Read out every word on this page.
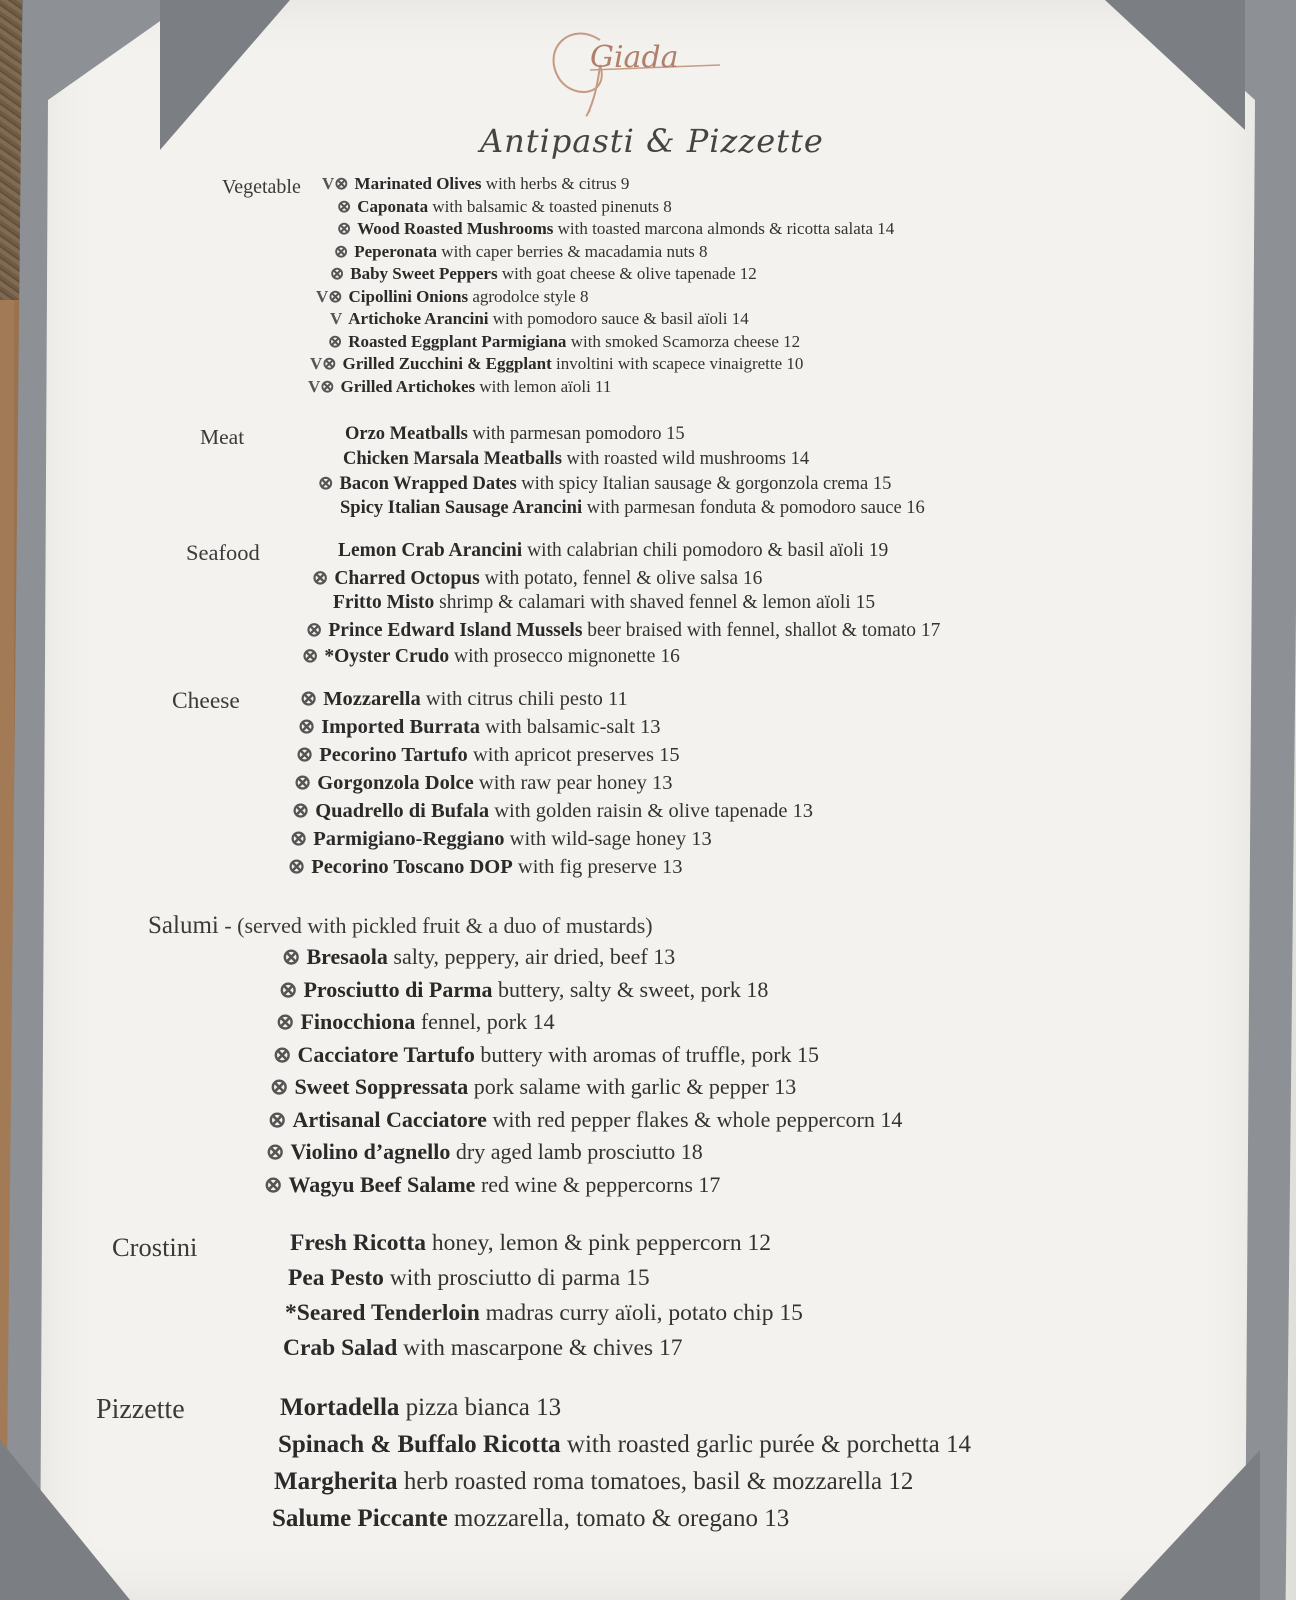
Giada
Antipasti & Pizzette
Vegetable V⊗ Marinated Olives with herbs & citrus 9
⊗ Caponata with balsamic & toasted pinenuts 8
⊗ Wood Roasted Mushrooms with toasted marcona almonds & ricotta salata 14
⊗ Peperonata with caper berries & macadamia nuts 8
⊗ Baby Sweet Peppers with goat cheese & olive tapenade 12
V⊗ Cipollini Onions agrodolce style 8
V Artichoke Arancini with pomodoro sauce & basil aïoli 14
⊗ Roasted Eggplant Parmigiana with smoked Scamorza cheese 12
V⊗ Grilled Zucchini & Eggplant involtini with scapece vinaigrette 10
V⊗ Grilled Artichokes with lemon aïoli 11
Meat	Orzo Meatballs with parmesan pomodoro 15
Chicken Marsala Meatballs with roasted wild mushrooms 14
⊗ Bacon Wrapped Dates with spicy Italian sausage & gorgonzola crema 15
Spicy Italian Sausage Arancini with parmesan fonduta & pomodoro sauce 16
Seafood	Lemon Crab Arancini with calabrian chili pomodoro & basil aïoli 19
⊗ Charred Octopus with potato, fennel & olive salsa 16
Fritto Misto shrimp & calamari with shaved fennel & lemon aïoli 15
⊗ Prince Edward Island Mussels beer braised with fennel, shallot & tomato 17
⊗ *Oyster Crudo with prosecco mignonette 16
Cheese	⊗ Mozzarella with citrus chili pesto 11
⊗ Imported Burrata with balsamic-salt 13
⊗ Pecorino Tartufo with apricot preserves 15
⊗ Gorgonzola Dolce with raw pear honey 13
⊗ Quadrello di Bufala with golden raisin & olive tapenade 13
⊗ Parmigiano-Reggiano with wild-sage honey 13
⊗ Pecorino Toscano DOP with fig preserve 13
Salumi - (served with pickled fruit & a duo of mustards)
⊗ Bresaola salty, peppery, air dried, beef 13
⊗ Prosciutto di Parma buttery, salty & sweet, pork 18
⊗ Finocchiona fennel, pork 14
⊗ Cacciatore Tartufo buttery with aromas of truffle, pork 15
⊗ Sweet Soppressata pork salame with garlic & pepper 13
⊗ Artisanal Cacciatore with red pepper flakes & whole peppercorn 14
⊗ Violino d’agnello dry aged lamb prosciutto 18
⊗ Wagyu Beef Salame red wine & peppercorns 17
Crostini	Fresh Ricotta honey, lemon & pink peppercorn 12
Pea Pesto with prosciutto di parma 15
*Seared Tenderloin madras curry aïoli, potato chip 15
Crab Salad with mascarpone & chives 17
Pizzette	Mortadella pizza bianca 13
Spinach & Buffalo Ricotta with roasted garlic purée & porchetta 14
Margherita herb roasted roma tomatoes, basil & mozzarella 12
Salume Piccante mozzarella, tomato & oregano 13
